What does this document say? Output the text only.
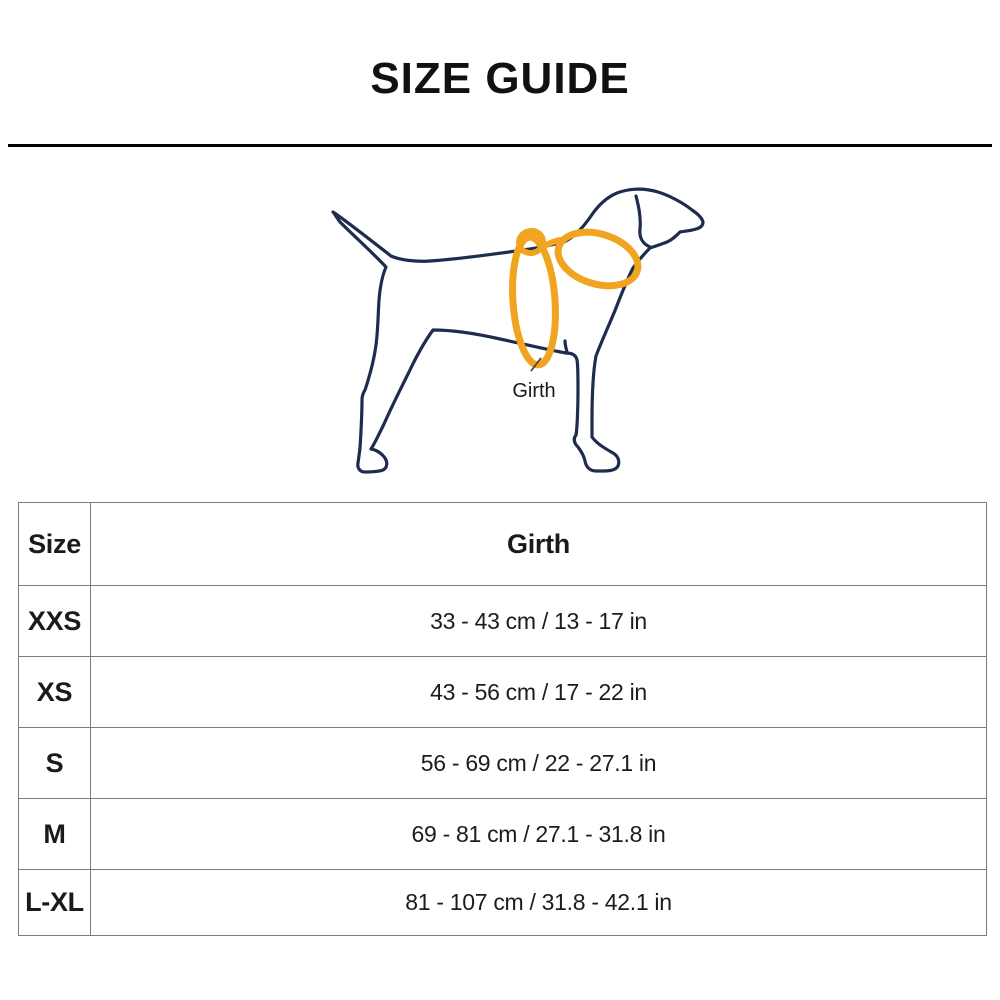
SIZE GUIDE
Girth
Size	Girth
XXS	33 - 43 cm / 13 - 17 in
XS	43 - 56 cm / 17 - 22 in
S	56 - 69 cm / 22 - 27.1 in
M	69 - 81 cm / 27.1 - 31.8 in
L-XL	81 - 107 cm / 31.8 - 42.1 in
